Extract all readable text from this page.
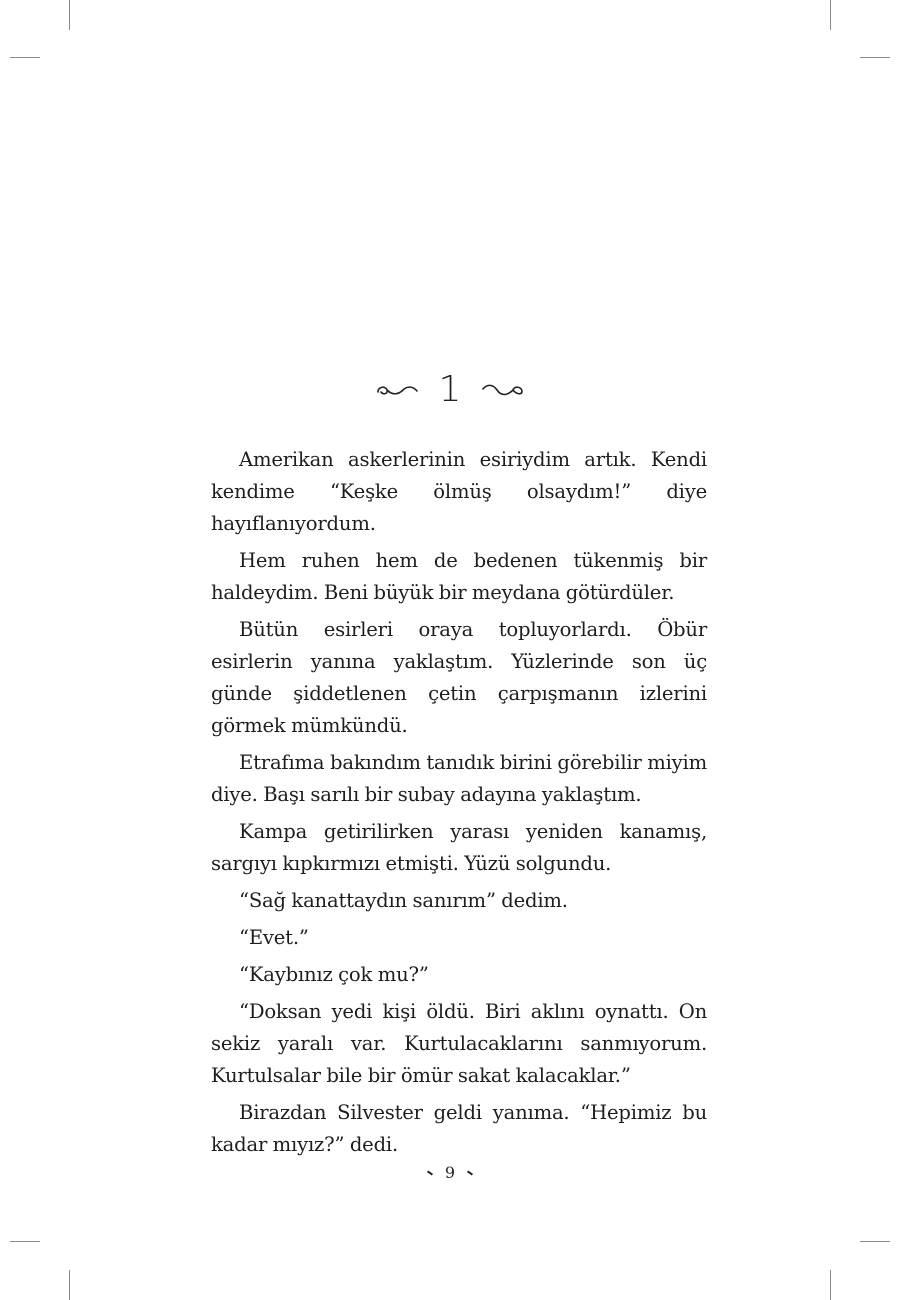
1

Amerikan askerlerinin esiriydim artık. Kendi kendime “Keşke ölmüş olsaydım!” diye hayıflanıyordum.

Hem ruhen hem de bedenen tükenmiş bir haldeydim. Beni büyük bir meydana götürdüler.

Bütün esirleri oraya topluyorlardı. Öbür esirlerin yanına yaklaştım. Yüzlerinde son üç günde şiddetlenen çetin çarpışmanın izlerini görmek mümkündü.

Etrafıma bakındım tanıdık birini görebilir miyim diye. Başı sarılı bir subay adayına yaklaştım.

Kampa getirilirken yarası yeniden kanamış, sargıyı kıpkırmızı etmişti. Yüzü solgundu.

“Sağ kanattaydın sanırım” dedim.

“Evet.”

“Kaybınız çok mu?”

“Doksan yedi kişi öldü. Biri aklını oynattı. On sekiz yaralı var. Kurtulacaklarını sanmıyorum. Kurtulsalar bile bir ömür sakat kalacaklar.”

Birazdan Silvester geldi yanıma. “Hepimiz bu kadar mıyız?” dedi.

9
